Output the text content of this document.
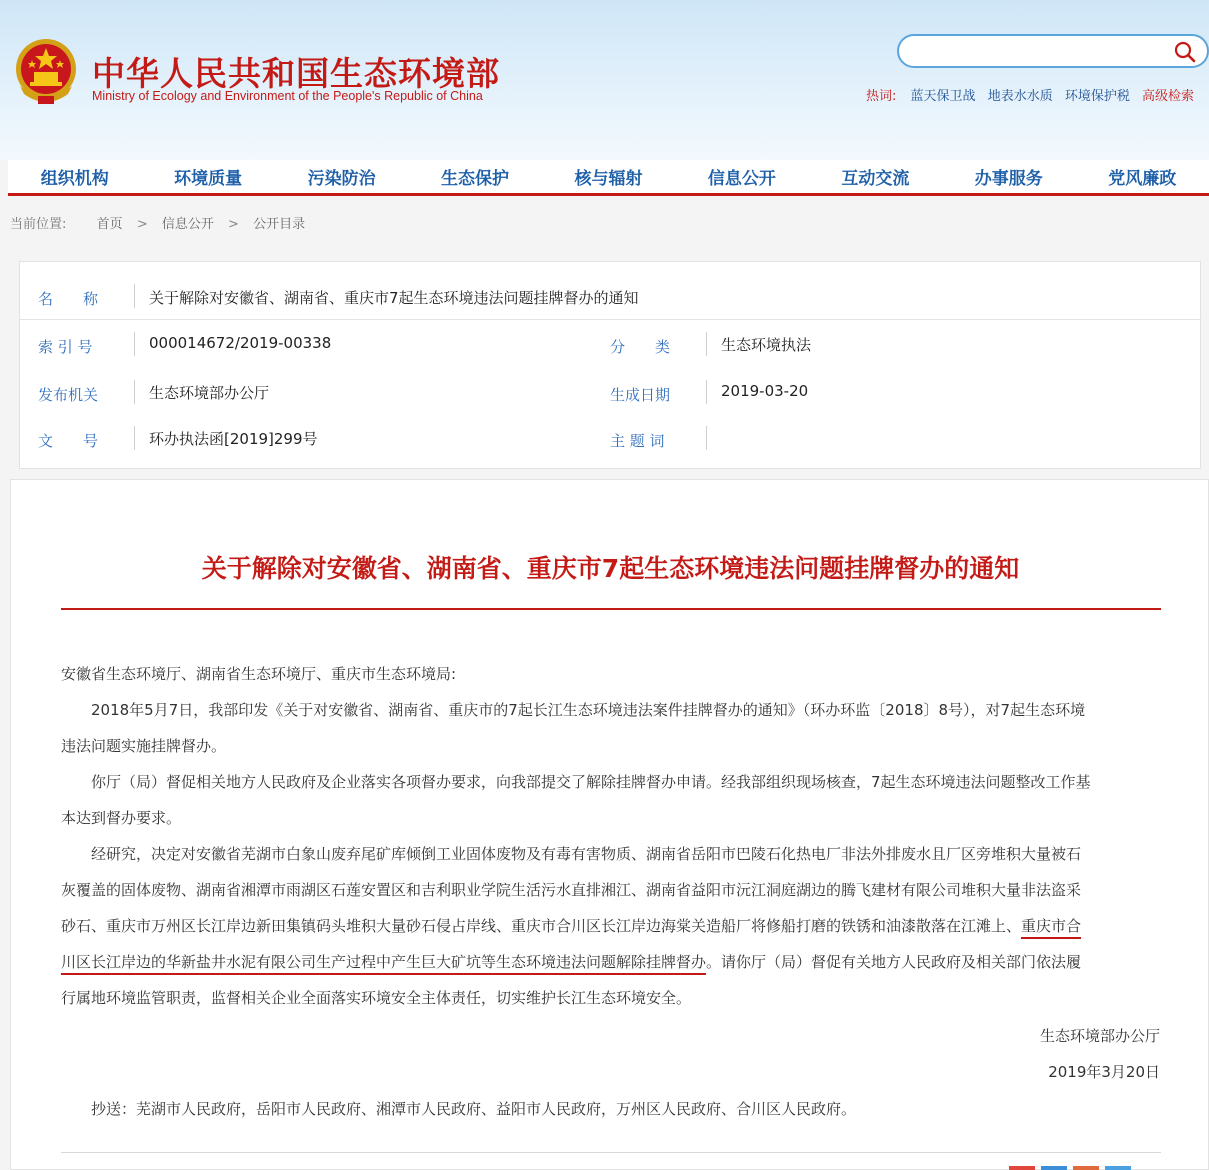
中华人民共和国生态环境部
Ministry of Ecology and Environment of the People's Republic of China	热词: 蓝天保卫战 地表水水质 环境保护税 高级检索
组织机构	环境质量	污染防治	生态保护	核与辐射	信息公开	互动交流	办事服务	党风廉政
当前位置: 首页 > 信息公开 > 公开目录
名　　称	关于解除对安徽省、湖南省、重庆市7起生态环境违法问题挂牌督办的通知
索 引 号	000014672/2019-00338	分　　类	生态环境执法
发布机关	生态环境部办公厅	生成日期	2019-03-20
文　　号	环办执法函[2019]299号	主 题 词
关于解除对安徽省、湖南省、重庆市7起生态环境违法问题挂牌督办的通知
安徽省生态环境厅、湖南省生态环境厅、重庆市生态环境局:
2018年5月7日，我部印发《关于对安徽省、湖南省、重庆市的7起长江生态环境违法案件挂牌督办的通知》（环办环监〔2018〕8号），对7起生态环境
违法问题实施挂牌督办。
你厅（局）督促相关地方人民政府及企业落实各项督办要求，向我部提交了解除挂牌督办申请。经我部组织现场核查，7起生态环境违法问题整改工作基
本达到督办要求。
经研究，决定对安徽省芜湖市白象山废弃尾矿库倾倒工业固体废物及有毒有害物质、湖南省岳阳市巴陵石化热电厂非法外排废水且厂区旁堆积大量被石
灰覆盖的固体废物、湖南省湘潭市雨湖区石莲安置区和吉利职业学院生活污水直排湘江、湖南省益阳市沅江洞庭湖边的腾飞建材有限公司堆积大量非法盗采
砂石、重庆市万州区长江岸边新田集镇码头堆积大量砂石侵占岸线、重庆市合川区长江岸边海棠关造船厂将修船打磨的铁锈和油漆散落在江滩上、重庆市合
川区长江岸边的华新盐井水泥有限公司生产过程中产生巨大矿坑等生态环境违法问题解除挂牌督办。请你厅（局）督促有关地方人民政府及相关部门依法履
行属地环境监管职责，监督相关企业全面落实环境安全主体责任，切实维护长江生态环境安全。
生态环境部办公厅
2019年3月20日
抄送：芜湖市人民政府，岳阳市人民政府、湘潭市人民政府、益阳市人民政府，万州区人民政府、合川区人民政府。
